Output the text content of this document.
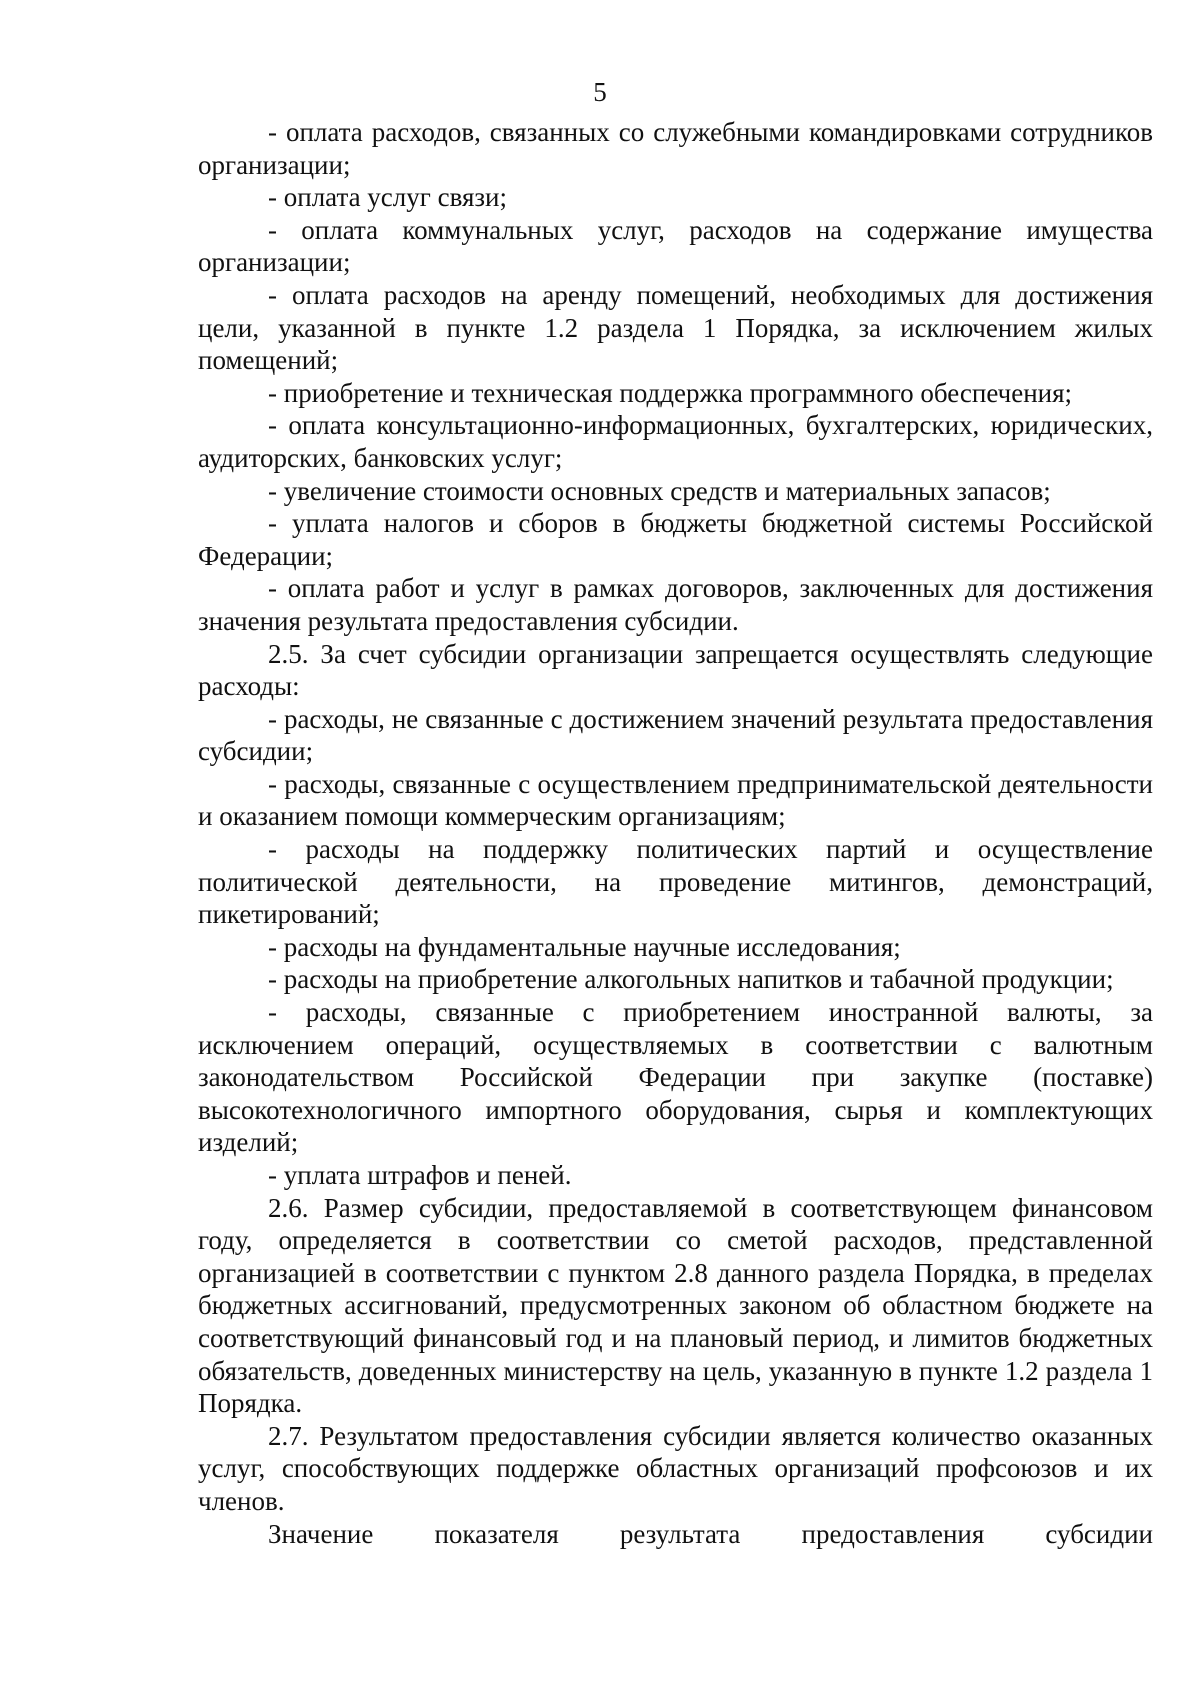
5

- оплата расходов, связанных со служебными командировками сотрудников организации;

- оплата услуг связи;

- оплата коммунальных услуг, расходов на содержание имущества организации;

- оплата расходов на аренду помещений, необходимых для достижения цели, указанной в пункте 1.2 раздела 1 Порядка, за исключением жилых помещений;

- приобретение и техническая поддержка программного обеспечения;

- оплата консультационно-информационных, бухгалтерских, юридических, аудиторских, банковских услуг;

- увеличение стоимости основных средств и материальных запасов;

- уплата налогов и сборов в бюджеты бюджетной системы Российской Федерации;

- оплата работ и услуг в рамках договоров, заключенных для достижения значения результата предоставления субсидии.

2.5. За счет субсидии организации запрещается осуществлять следующие расходы:

- расходы, не связанные с достижением значений результата предоставления субсидии;

- расходы, связанные с осуществлением предпринимательской деятельности и оказанием помощи коммерческим организациям;

- расходы на поддержку политических партий и осуществление политической деятельности, на проведение митингов, демонстраций, пикетирований;

- расходы на фундаментальные научные исследования;

- расходы на приобретение алкогольных напитков и табачной продукции;

- расходы, связанные с приобретением иностранной валюты, за исключением операций, осуществляемых в соответствии с валютным законодательством Российской Федерации при закупке (поставке) высокотехнологичного импортного оборудования, сырья и комплектующих изделий;

- уплата штрафов и пеней.

2.6. Размер субсидии, предоставляемой в соответствующем финансовом году, определяется в соответствии со сметой расходов, представленной организацией в соответствии с пунктом 2.8 данного раздела Порядка, в пределах бюджетных ассигнований, предусмотренных законом об областном бюджете на соответствующий финансовый год и на плановый период, и лимитов бюджетных обязательств, доведенных министерству на цель, указанную в пункте 1.2 раздела 1 Порядка.

2.7. Результатом предоставления субсидии является количество оказанных услуг, способствующих поддержке областных организаций профсоюзов и их членов.

Значение показателя результата предоставления субсидии
